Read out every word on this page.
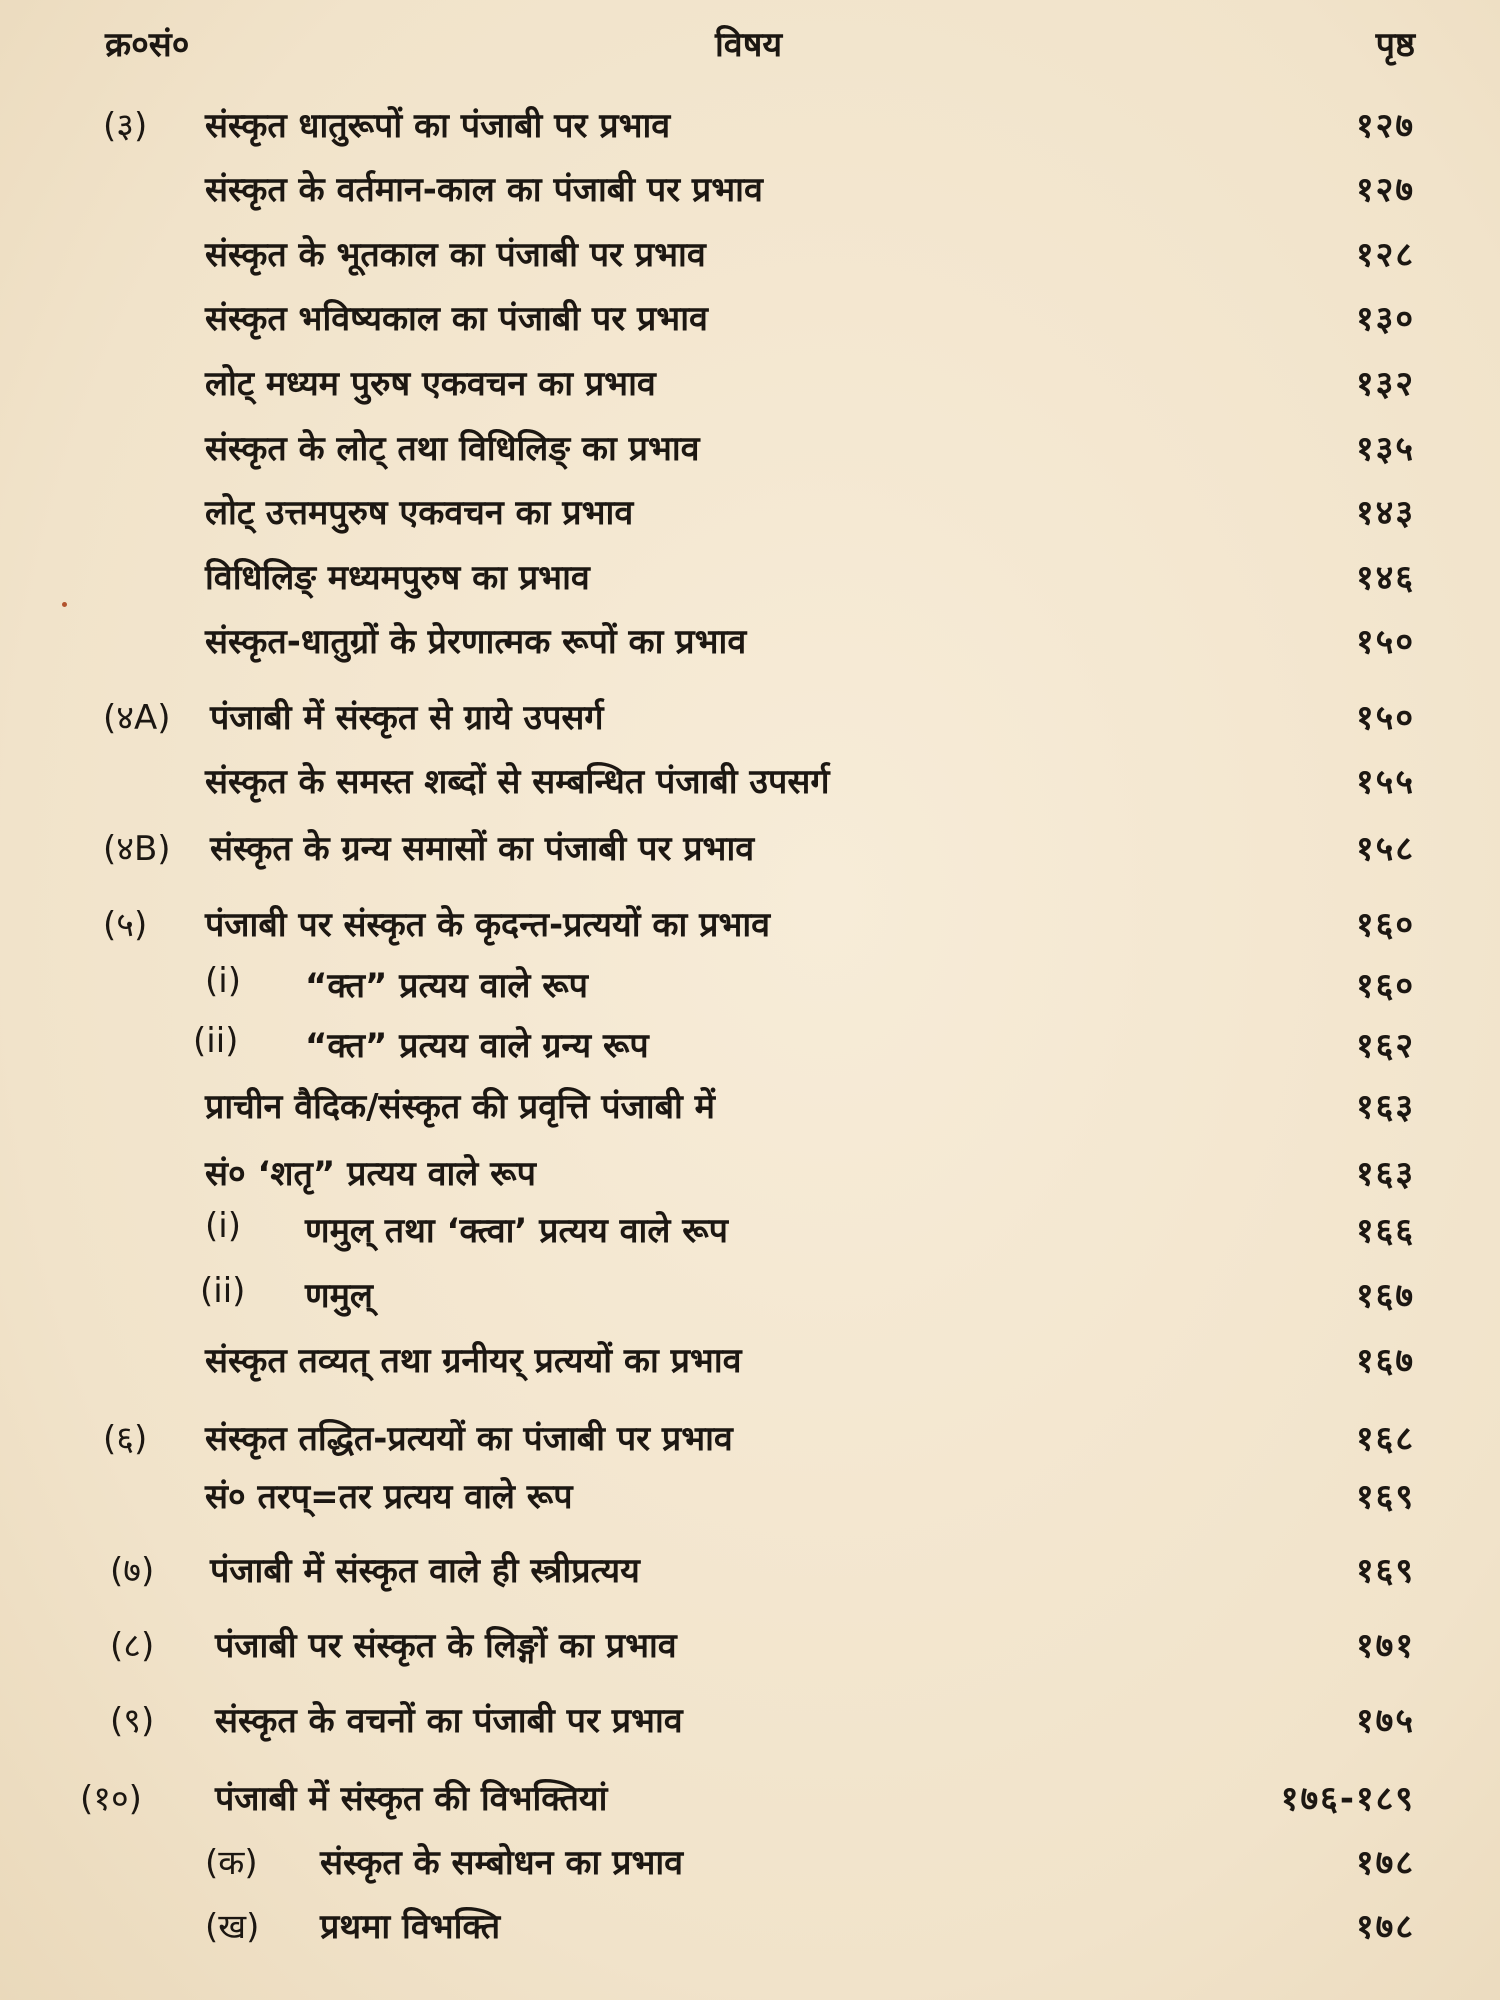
क्र०सं०	विषय	पृष्ठ
(३) संस्कृत धातुरूपों का पंजाबी पर प्रभाव	१२७
संस्कृत के वर्तमान-काल का पंजाबी पर प्रभाव	१२७
संस्कृत के भूतकाल का पंजाबी पर प्रभाव	१२८
संस्कृत भविष्यकाल का पंजाबी पर प्रभाव	१३०
लोट् मध्यम पुरुष एकवचन का प्रभाव	१३२
संस्कृत के लोट् तथा विधिलिङ् का प्रभाव	१३५
लोट् उत्तमपुरुष एकवचन का प्रभाव	१४३
विधिलिङ् मध्यमपुरुष का प्रभाव	१४६
संस्कृत-धातुग्रों के प्रेरणात्मक रूपों का प्रभाव	१५०
(४A) पंजाबी में संस्कृत से ग्राये उपसर्ग	१५०
संस्कृत के समस्त शब्दों से सम्बन्धित पंजाबी उपसर्ग	१५५
(४B) संस्कृत के ग्रन्य समासों का पंजाबी पर प्रभाव	१५८
(५) पंजाबी पर संस्कृत के कृदन्त-प्रत्ययों का प्रभाव	१६०
(i) “क्त” प्रत्यय वाले रूप	१६०
(ii) “क्त” प्रत्यय वाले ग्रन्य रूप	१६२
प्राचीन वैदिक/संस्कृत की प्रवृत्ति पंजाबी में	१६३
सं० ‘शतृ” प्रत्यय वाले रूप	१६३
(i) णमुल् तथा ‘क्त्वा’ प्रत्यय वाले रूप	१६६
(ii) णमुल्	१६७
संस्कृत तव्यत् तथा ग्रनीयर् प्रत्ययों का प्रभाव	१६७
(६) संस्कृत तद्धित-प्रत्ययों का पंजाबी पर प्रभाव	१६८
सं० तरप्=तर प्रत्यय वाले रूप	१६९
(७) पंजाबी में संस्कृत वाले ही स्त्रीप्रत्यय	१६९
(८) पंजाबी पर संस्कृत के लिङ्गों का प्रभाव	१७१
(९) संस्कृत के वचनों का पंजाबी पर प्रभाव	१७५
(१०) पंजाबी में संस्कृत की विभक्तियां	१७६-१८९
(क) संस्कृत के सम्बोधन का प्रभाव	१७८
(ख) प्रथमा विभक्ति	१७८
